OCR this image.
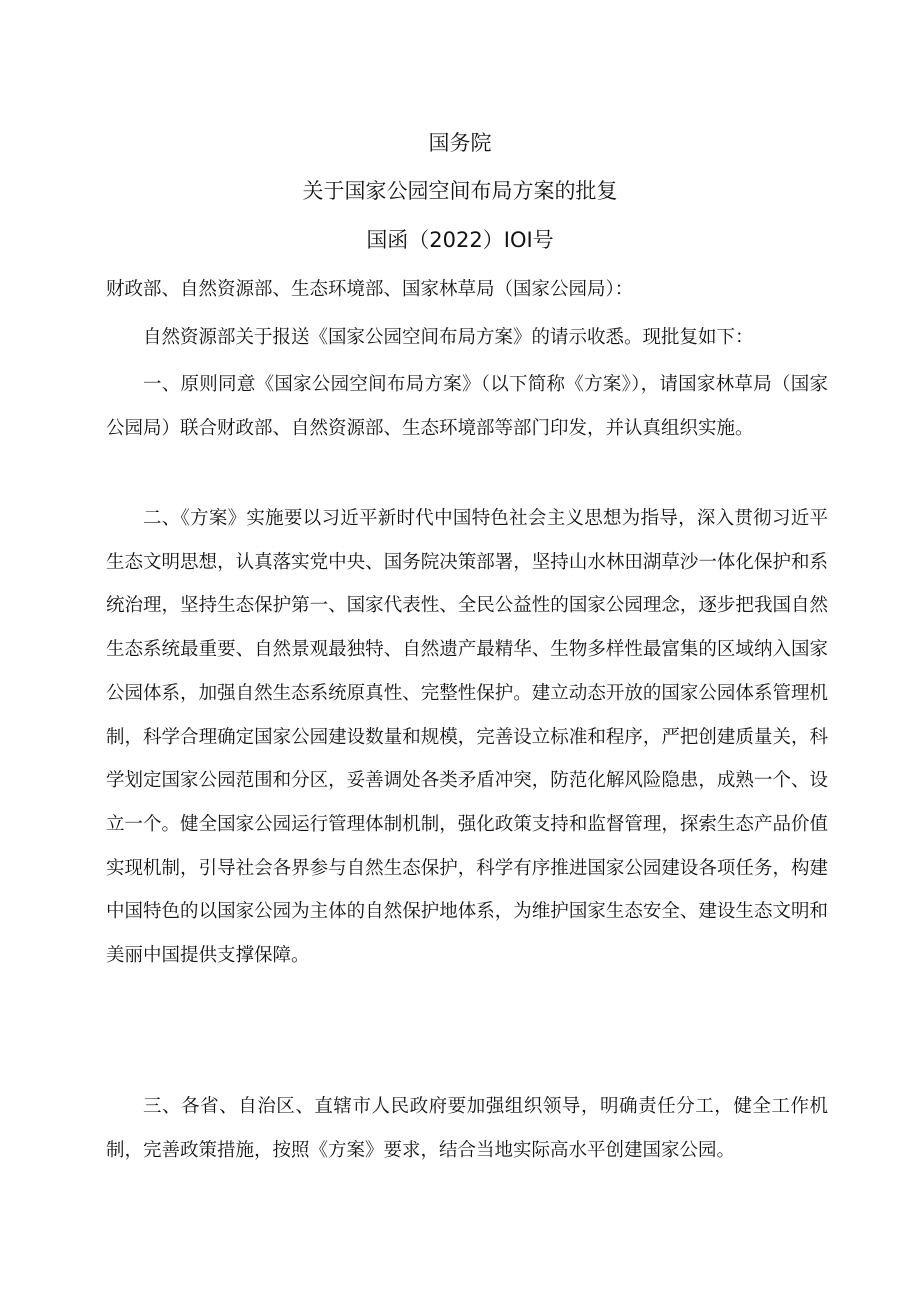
国务院
关于国家公园空间布局方案的批复
国函（2022）IOI号
财政部、自然资源部、生态环境部、国家林草局（国家公园局）：
自然资源部关于报送《国家公园空间布局方案》的请示收悉。现批复如下：
一、原则同意《国家公园空间布局方案》（以下简称《方案》），请国家林草局（国家公园局）联合财政部、自然资源部、生态环境部等部门印发，并认真组织实施。
二、《方案》实施要以习近平新时代中国特色社会主义思想为指导，深入贯彻习近平生态文明思想，认真落实党中央、国务院决策部署，坚持山水林田湖草沙一体化保护和系统治理，坚持生态保护第一、国家代表性、全民公益性的国家公园理念，逐步把我国自然生态系统最重要、自然景观最独特、自然遗产最精华、生物多样性最富集的区域纳入国家公园体系，加强自然生态系统原真性、完整性保护。建立动态开放的国家公园体系管理机制，科学合理确定国家公园建设数量和规模，完善设立标准和程序，严把创建质量关，科学划定国家公园范围和分区，妥善调处各类矛盾冲突，防范化解风险隐患，成熟一个、设立一个。健全国家公园运行管理体制机制，强化政策支持和监督管理，探索生态产品价值实现机制，引导社会各界参与自然生态保护，科学有序推进国家公园建设各项任务，构建中国特色的以国家公园为主体的自然保护地体系，为维护国家生态安全、建设生态文明和美丽中国提供支撑保障。
三、各省、自治区、直辖市人民政府要加强组织领导，明确责任分工，健全工作机制，完善政策措施，按照《方案》要求，结合当地实际高水平创建国家公园。
